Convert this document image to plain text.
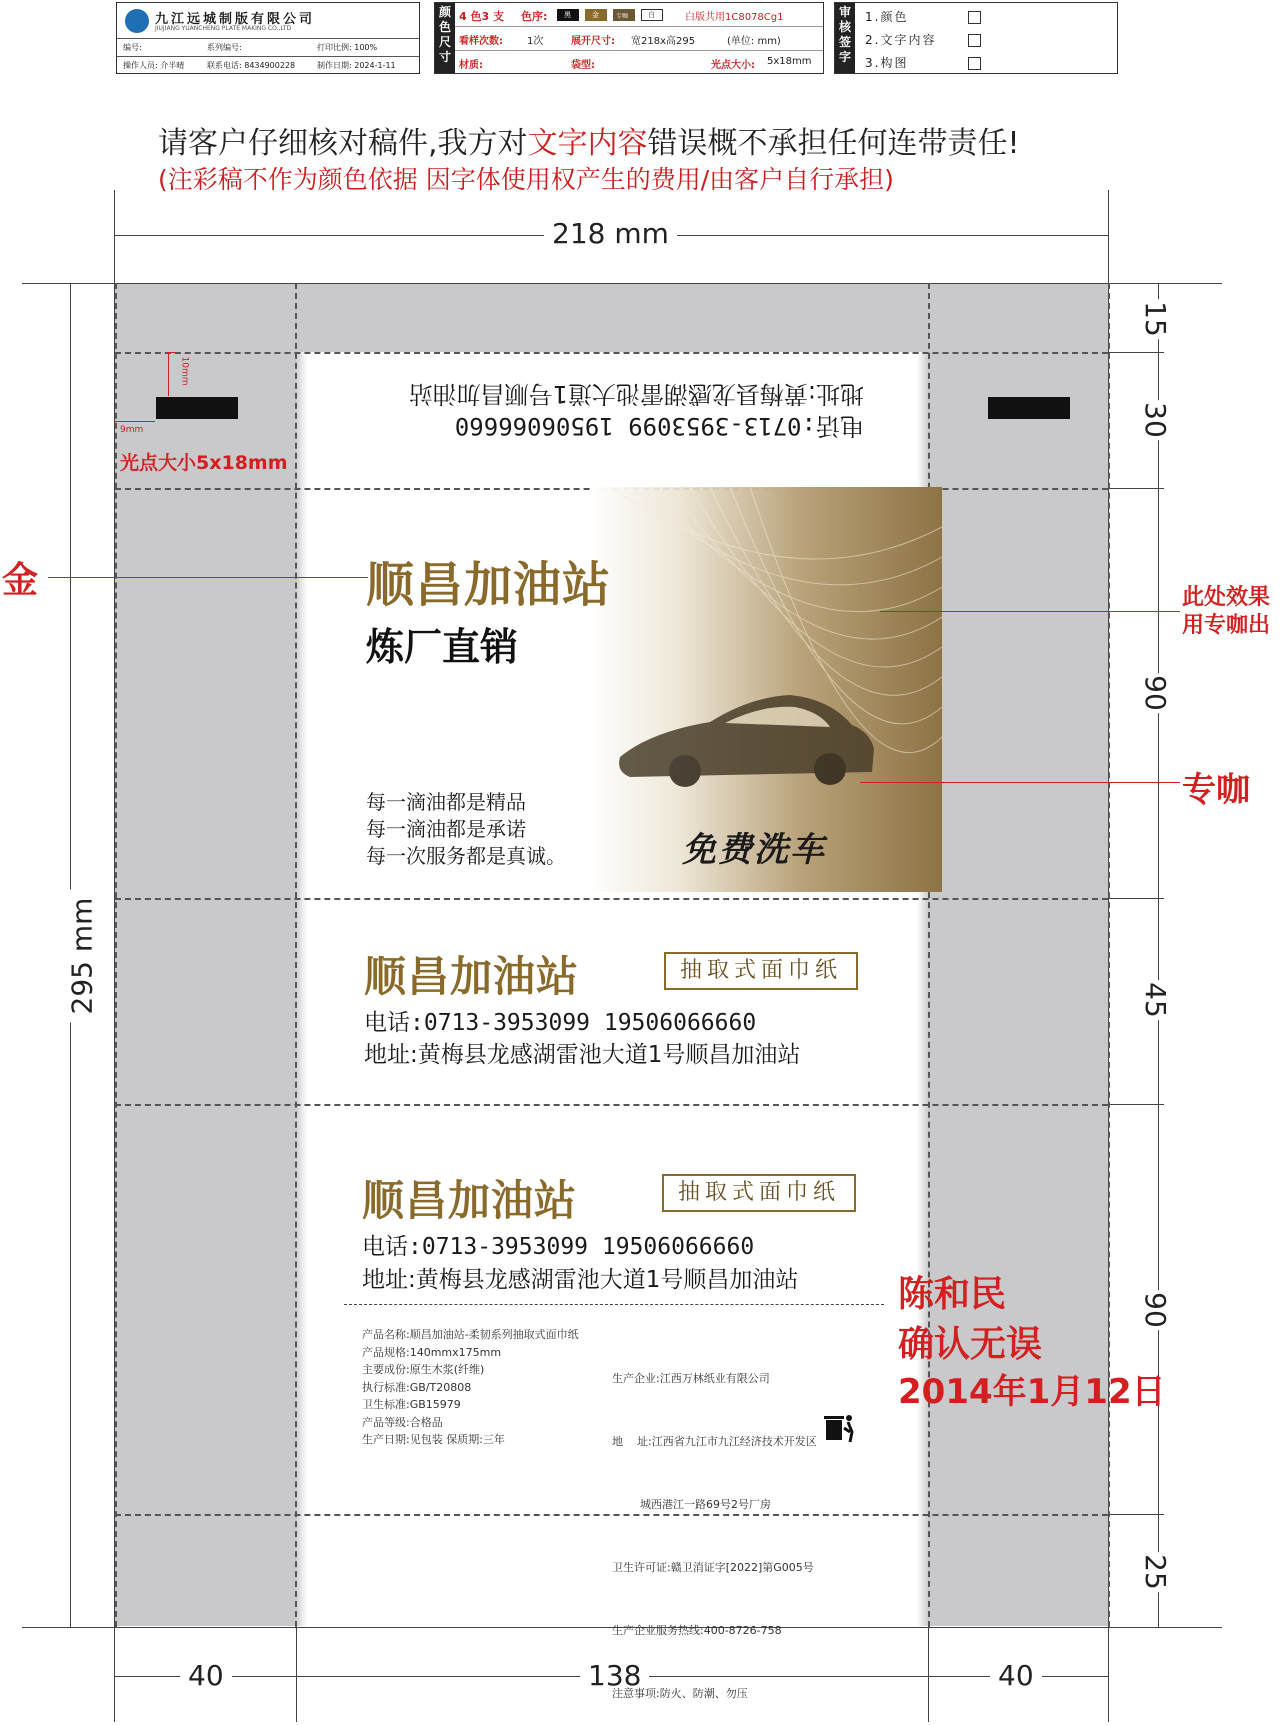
九江远城制版有限公司
JIUJIANG YUANCHENG PLATE MAKING CO.,LTD
编号:	系列编号:	打印比例: 100%
操作人员: 介半晴	联系电话: 8434900228	制作日期: 2024-1-11
颜色尺寸
4 色3 支 色序: 黑	金	专咖	白	白版共用1C8078Cg1
看样次数: 1次	展开尺寸: 宽218x高295	(单位: mm)
材质:	袋型:	光点大小: 5x18mm
审核签字
1.颜色
2.文字内容
3.构图
请客户仔细核对稿件,我方对文字内容错误概不承担任何连带责任!
(注彩稿不作为颜色依据 因字体使用权产生的费用/由客户自行承担)
218 mm
295 mm
15
30
90
45
90
25
40	138	40
10mm
9mm
光点大小5x18mm
地址:黄梅县龙感湖雷池大道1号顺昌加油站
电话:0713-3953099 19506066660
顺昌加油站
炼厂直销
每一滴油都是精品
每一滴油都是承诺
每一次服务都是真诚。	免费洗车
顺昌加油站	抽取式面巾纸
电话:0713-3953099 19506066660
地址:黄梅县龙感湖雷池大道1号顺昌加油站
顺昌加油站	抽取式面巾纸
电话:0713-3953099 19506066660
地址:黄梅县龙感湖雷池大道1号顺昌加油站
产品名称:顺昌加油站-柔韧系列抽取式面巾纸
产品规格:140mmx175mm
主要成份:原生木浆(纤维)
执行标准:GB/T20808
卫生标准:GB15979
产品等级:合格品
生产日期:见包装 保质期:三年

生产企业:江西万林纸业有限公司

地    址:江西省九江市九江经济技术开发区

城西港江一路69号2号厂房

卫生许可证:赣卫消证字[2022]第G005号

生产企业服务热线:400-8726-758

注意事项:防火、防潮、勿压

金	此处效果用专咖出
专咖
陈和民
确认无误
2014年1月12日
